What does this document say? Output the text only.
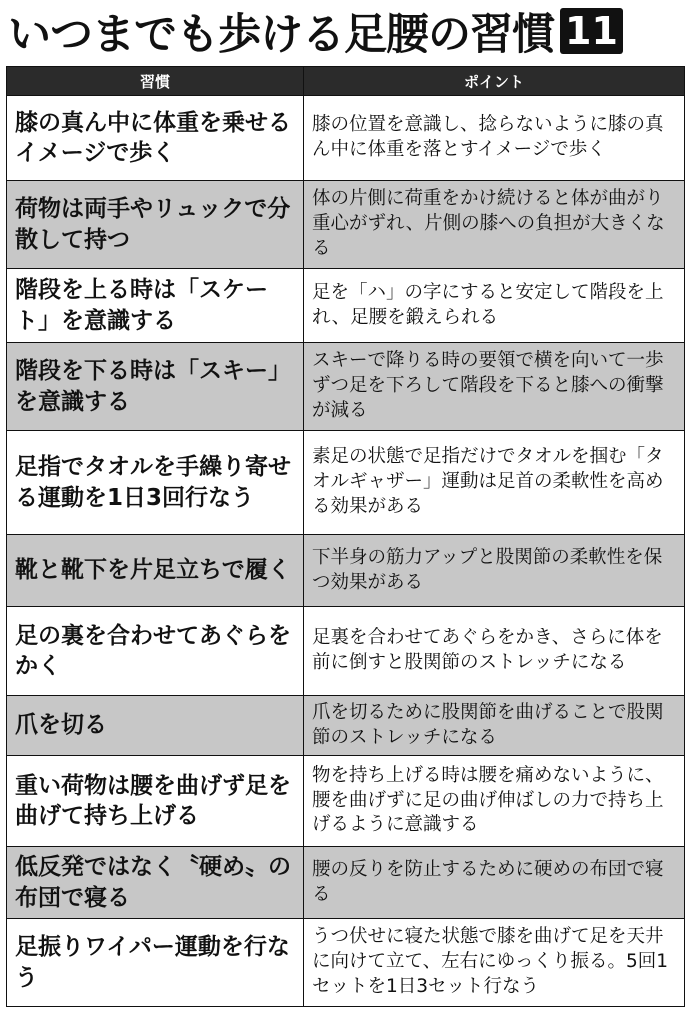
いつまでも歩ける足腰の習慣 11
習慣	ポイント
膝の真ん中に体重を乗せるイメージで歩く	膝の位置を意識し、捻らないように膝の真ん中に体重を落とすイメージで歩く
荷物は両手やリュックで分散して持つ	体の片側に荷重をかけ続けると体が曲がり重心がずれ、片側の膝への負担が大きくなる
階段を上る時は「スケート」を意識する	足を「ハ」の字にすると安定して階段を上れ、足腰を鍛えられる
階段を下る時は「スキー」を意識する	スキーで降りる時の要領で横を向いて一歩ずつ足を下ろして階段を下ると膝への衝撃が減る
足指でタオルを手繰り寄せる運動を1日3回行なう	素足の状態で足指だけでタオルを掴む「タオルギャザー」運動は足首の柔軟性を高める効果がある
靴と靴下を片足立ちで履く	下半身の筋力アップと股関節の柔軟性を保つ効果がある
足の裏を合わせてあぐらをかく	足裏を合わせてあぐらをかき、さらに体を前に倒すと股関節のストレッチになる
爪を切る	爪を切るために股関節を曲げることで股関節のストレッチになる
重い荷物は腰を曲げず足を曲げて持ち上げる	物を持ち上げる時は腰を痛めないように、腰を曲げずに足の曲げ伸ばしの力で持ち上げるように意識する
低反発ではなく〝硬め〟の布団で寝る	腰の反りを防止するために硬めの布団で寝る
足振りワイパー運動を行なう	うつ伏せに寝た状態で膝を曲げて足を天井に向けて立て、左右にゆっくり振る。5回1セットを1日3セット行なう
